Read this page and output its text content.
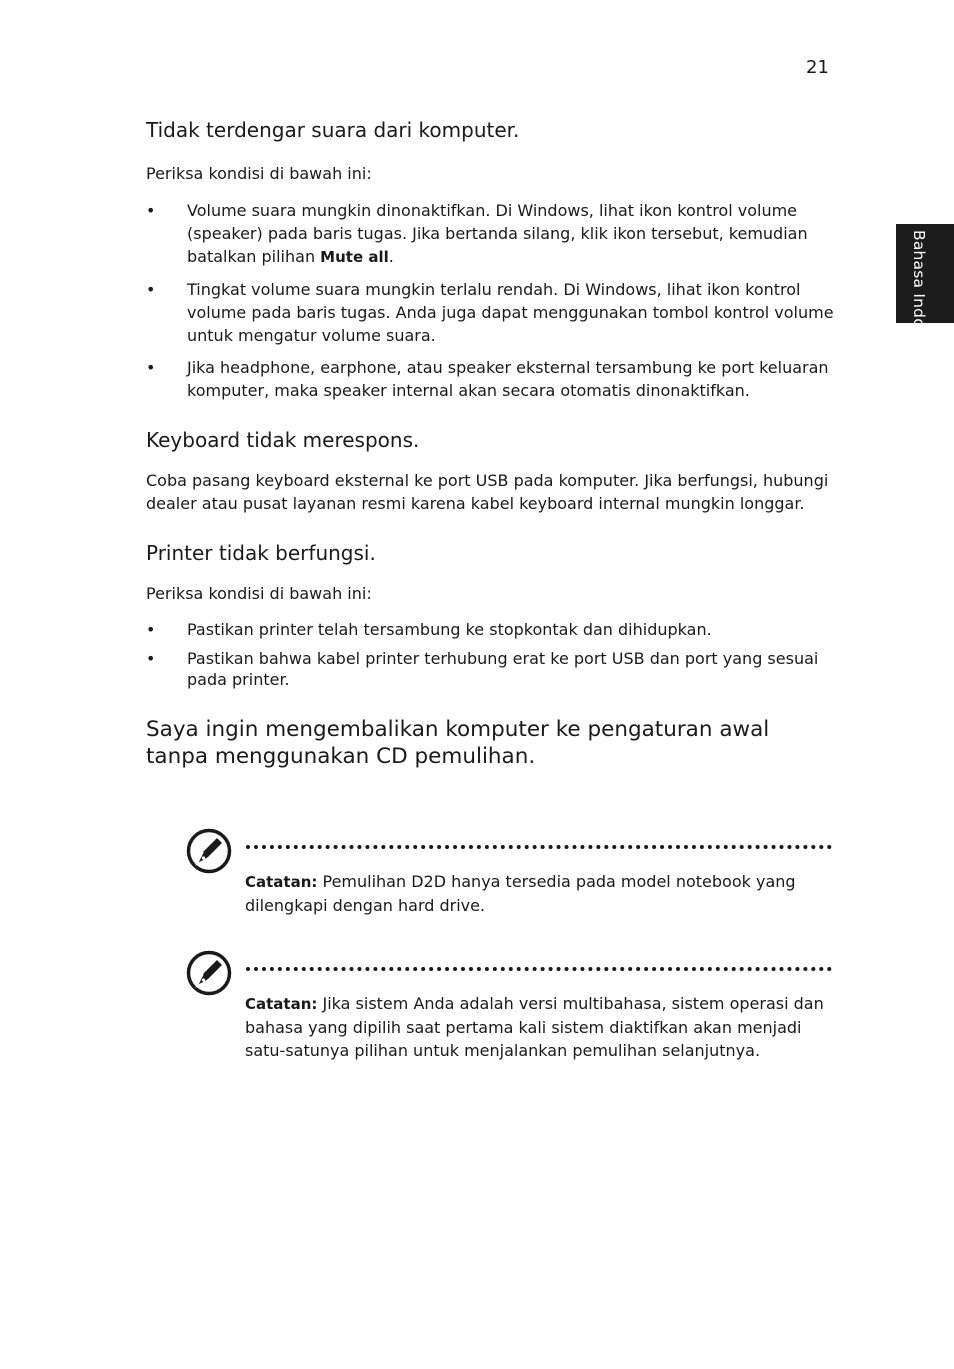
21
Bahasa Indonesia
Tidak terdengar suara dari komputer.

Periksa kondisi di bawah ini:

• Volume suara mungkin dinonaktifkan. Di Windows, lihat ikon kontrol volume (speaker) pada baris tugas. Jika bertanda silang, klik ikon tersebut, kemudian batalkan pilihan Mute all.
• Tingkat volume suara mungkin terlalu rendah. Di Windows, lihat ikon kontrol volume pada baris tugas. Anda juga dapat menggunakan tombol kontrol volume untuk mengatur volume suara.
• Jika headphone, earphone, atau speaker eksternal tersambung ke port keluaran komputer, maka speaker internal akan secara otomatis dinonaktifkan.
Keyboard tidak merespons.

Coba pasang keyboard eksternal ke port USB pada komputer. Jika berfungsi, hubungi dealer atau pusat layanan resmi karena kabel keyboard internal mungkin longgar.

Printer tidak berfungsi.

Periksa kondisi di bawah ini:

• Pastikan printer telah tersambung ke stopkontak dan dihidupkan.
• Pastikan bahwa kabel printer terhubung erat ke port USB dan port yang sesuai pada printer.
Saya ingin mengembalikan komputer ke pengaturan awal tanpa menggunakan CD pemulihan.
Catatan: Pemulihan D2D hanya tersedia pada model notebook yang dilengkapi dengan hard drive.
Catatan: Jika sistem Anda adalah versi multibahasa, sistem operasi dan bahasa yang dipilih saat pertama kali sistem diaktifkan akan menjadi satu-satunya pilihan untuk menjalankan pemulihan selanjutnya.
